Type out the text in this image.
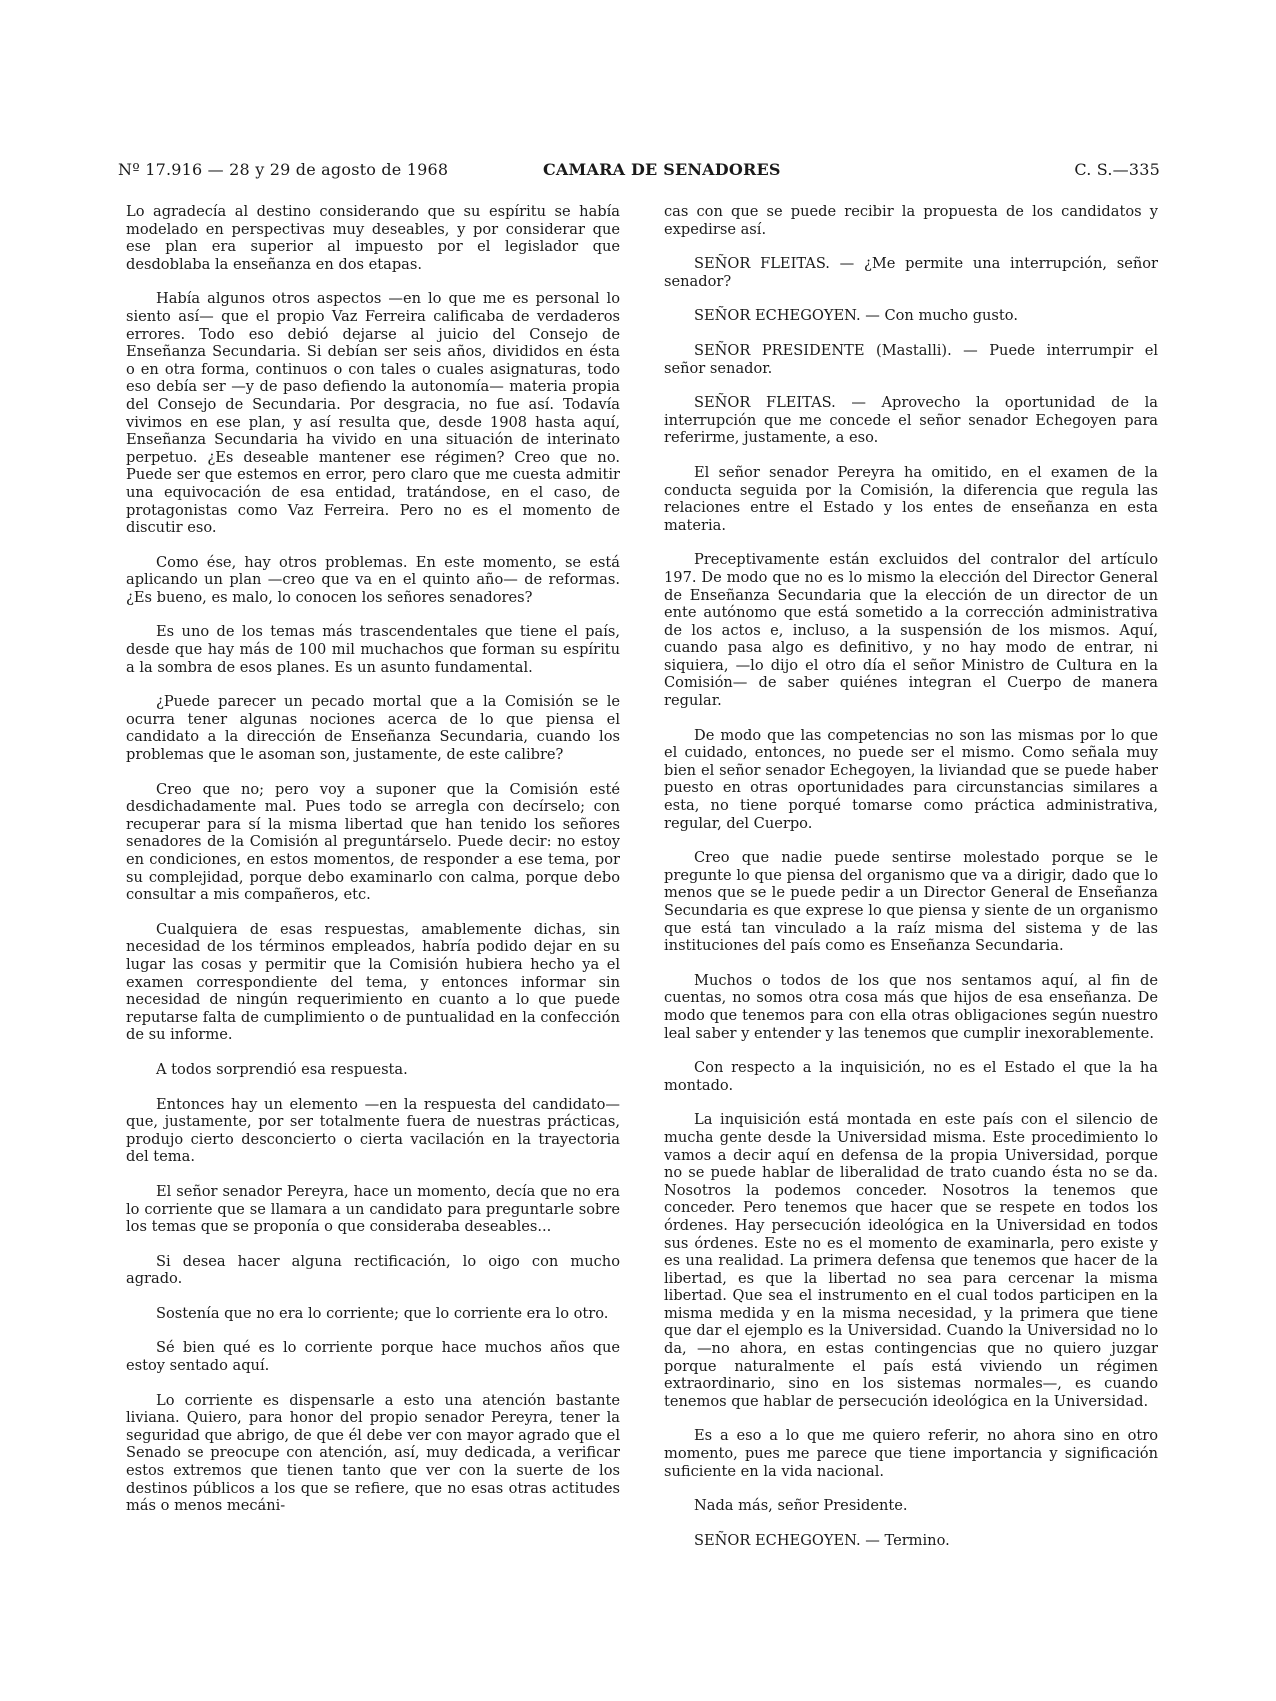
Nº 17.916 — 28 y 29 de agosto de 1968	CAMARA DE SENADORES	C. S.—335

Lo agradecía al destino considerando que su espíritu se había modelado en perspectivas muy deseables, y por considerar que ese plan era superior al impuesto por el legislador que desdoblaba la enseñanza en dos etapas.

Había algunos otros aspectos —en lo que me es personal lo siento así— que el propio Vaz Ferreira calificaba de verdaderos errores. Todo eso debió dejarse al juicio del Consejo de Enseñanza Secundaria. Si debían ser seis años, divididos en ésta o en otra forma, continuos o con tales o cuales asignaturas, todo eso debía ser —y de paso defiendo la autonomía— materia propia del Consejo de Secundaria. Por desgracia, no fue así. Todavía vivimos en ese plan, y así resulta que, desde 1908 hasta aquí, Enseñanza Secundaria ha vivido en una situación de interinato perpetuo. ¿Es deseable mantener ese régimen? Creo que no. Puede ser que estemos en error, pero claro que me cuesta admitir una equivocación de esa entidad, tratándose, en el caso, de protagonistas como Vaz Ferreira. Pero no es el momento de discutir eso.

Como ése, hay otros problemas. En este momento, se está aplicando un plan —creo que va en el quinto año— de reformas. ¿Es bueno, es malo, lo conocen los señores senadores?

Es uno de los temas más trascendentales que tiene el país, desde que hay más de 100 mil muchachos que forman su espíritu a la sombra de esos planes. Es un asunto fundamental.

¿Puede parecer un pecado mortal que a la Comisión se le ocurra tener algunas nociones acerca de lo que piensa el candidato a la dirección de Enseñanza Secundaria, cuando los problemas que le asoman son, justamente, de este calibre?

Creo que no; pero voy a suponer que la Comisión esté desdichadamente mal. Pues todo se arregla con decírselo; con recuperar para sí la misma libertad que han tenido los señores senadores de la Comisión al preguntárselo. Puede decir: no estoy en condiciones, en estos momentos, de responder a ese tema, por su complejidad, porque debo examinarlo con calma, porque debo consultar a mis compañeros, etc.

Cualquiera de esas respuestas, amablemente dichas, sin necesidad de los términos empleados, habría podido dejar en su lugar las cosas y permitir que la Comisión hubiera hecho ya el examen correspondiente del tema, y entonces informar sin necesidad de ningún requerimiento en cuanto a lo que puede reputarse falta de cumplimiento o de puntualidad en la confección de su informe.

A todos sorprendió esa respuesta.

Entonces hay un elemento —en la respuesta del candidato— que, justamente, por ser totalmente fuera de nuestras prácticas, produjo cierto desconcierto o cierta vacilación en la trayectoria del tema.

El señor senador Pereyra, hace un momento, decía que no era lo corriente que se llamara a un candidato para preguntarle sobre los temas que se proponía o que consideraba deseables...

Si desea hacer alguna rectificación, lo oigo con mucho agrado.

Sostenía que no era lo corriente; que lo corriente era lo otro.

Sé bien qué es lo corriente porque hace muchos años que estoy sentado aquí.

Lo corriente es dispensarle a esto una atención bastante liviana. Quiero, para honor del propio senador Pereyra, tener la seguridad que abrigo, de que él debe ver con mayor agrado que el Senado se preocupe con atención, así, muy dedicada, a verificar estos extremos que tienen tanto que ver con la suerte de los destinos públicos a los que se refiere, que no esas otras actitudes más o menos mecáni-

cas con que se puede recibir la propuesta de los candidatos y expedirse así.

SEÑOR FLEITAS. — ¿Me permite una interrupción, señor senador?

SEÑOR ECHEGOYEN. — Con mucho gusto.

SEÑOR PRESIDENTE (Mastalli). — Puede interrumpir el señor senador.

SEÑOR FLEITAS. — Aprovecho la oportunidad de la interrupción que me concede el señor senador Echegoyen para referirme, justamente, a eso.

El señor senador Pereyra ha omitido, en el examen de la conducta seguida por la Comisión, la diferencia que regula las relaciones entre el Estado y los entes de enseñanza en esta materia.

Preceptivamente están excluidos del contralor del artículo 197. De modo que no es lo mismo la elección del Director General de Enseñanza Secundaria que la elección de un director de un ente autónomo que está sometido a la corrección administrativa de los actos e, incluso, a la suspensión de los mismos. Aquí, cuando pasa algo es definitivo, y no hay modo de entrar, ni siquiera, —lo dijo el otro día el señor Ministro de Cultura en la Comisión— de saber quiénes integran el Cuerpo de manera regular.

De modo que las competencias no son las mismas por lo que el cuidado, entonces, no puede ser el mismo. Como señala muy bien el señor senador Echegoyen, la liviandad que se puede haber puesto en otras oportunidades para circunstancias similares a esta, no tiene porqué tomarse como práctica administrativa, regular, del Cuerpo.

Creo que nadie puede sentirse molestado porque se le pregunte lo que piensa del organismo que va a dirigir, dado que lo menos que se le puede pedir a un Director General de Enseñanza Secundaria es que exprese lo que piensa y siente de un organismo que está tan vinculado a la raíz misma del sistema y de las instituciones del país como es Enseñanza Secundaria.

Muchos o todos de los que nos sentamos aquí, al fin de cuentas, no somos otra cosa más que hijos de esa enseñanza. De modo que tenemos para con ella otras obligaciones según nuestro leal saber y entender y las tenemos que cumplir inexorablemente.

Con respecto a la inquisición, no es el Estado el que la ha montado.

La inquisición está montada en este país con el silencio de mucha gente desde la Universidad misma. Este procedimiento lo vamos a decir aquí en defensa de la propia Universidad, porque no se puede hablar de liberalidad de trato cuando ésta no se da. Nosotros la podemos conceder. Nosotros la tenemos que conceder. Pero tenemos que hacer que se respete en todos los órdenes. Hay persecución ideológica en la Universidad en todos sus órdenes. Este no es el momento de examinarla, pero existe y es una realidad. La primera defensa que tenemos que hacer de la libertad, es que la libertad no sea para cercenar la misma libertad. Que sea el instrumento en el cual todos participen en la misma medida y en la misma necesidad, y la primera que tiene que dar el ejemplo es la Universidad. Cuando la Universidad no lo da, —no ahora, en estas contingencias que no quiero juzgar porque naturalmente el país está viviendo un régimen extraordinario, sino en los sistemas normales—, es cuando tenemos que hablar de persecución ideológica en la Universidad.

Es a eso a lo que me quiero referir, no ahora sino en otro momento, pues me parece que tiene importancia y significación suficiente en la vida nacional.

Nada más, señor Presidente.

SEÑOR ECHEGOYEN. — Termino.
